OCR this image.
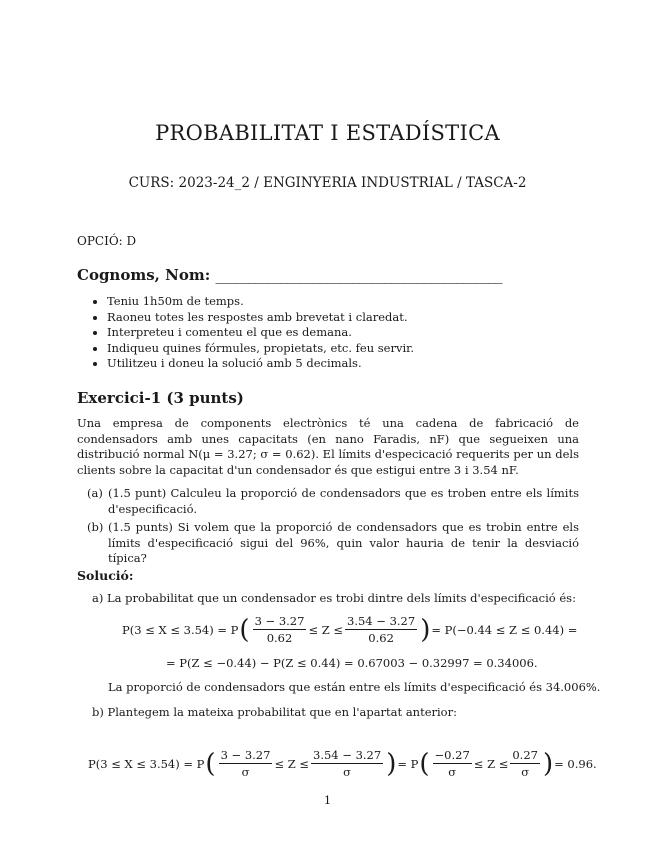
PROBABILITAT I ESTADÍSTICA
CURS: 2023-24_2 / ENGINYERIA INDUSTRIAL / TASCA-2
OPCIÓ: D
Cognoms, Nom: ____________________________________________
• Teniu 1h50m de temps.
• Raoneu totes les respostes amb brevetat i claredat.
• Interpreteu i comenteu el que es demana.
• Indiqueu quines fórmules, propietats, etc. feu servir.
• Utilitzeu i doneu la solució amb 5 decimals.
Exercici-1 (3 punts)
Una empresa de components electrònics té una cadena de fabricació de condensadors amb unes capacitats (en nano Faradis, nF) que segueixen una distribució normal N(μ = 3.27; σ = 0.62). El límits d'especicació requerits per un dels clients sobre la capacitat d'un condensador és que estigui entre 3 i 3.54 nF.
(a) (1.5 punt) Calculeu la proporció de condensadors que es troben entre els límits d'especificació.
(b) (1.5 punts) Si volem que la proporció de condensadors que es trobin entre els límits d'especificació sigui del 96%, quin valor hauria de tenir la desviació típica?
Solució:
a) La probabilitat que un condensador es trobi dintre dels límits d'especificació és:
P(3 ≤ X ≤ 3.54) = P ( $\frac{3 - 3.27}{0.62} \le Z \le \frac{3.54 - 3.27}{0.62}$ ) = P(−0.44 ≤ Z ≤ 0.44) =
= P(Z ≤ −0.44) − P(Z ≤ 0.44) = 0.67003 − 0.32997 = 0.34006.
La proporció de condensadors que están entre els límits d'especificació és 34.006%.
b) Plantegem la mateixa probabilitat que en l'apartat anterior:
P(3 ≤ X ≤ 3.54) = P ( $\frac{3 - 3.27}{\sigma} \le Z \le \frac{3.54 - 3.27}{\sigma}$ ) = P ( $\frac{-0.27}{\sigma} \le Z \le \frac{0.27}{\sigma}$ ) = 0.96.
1
